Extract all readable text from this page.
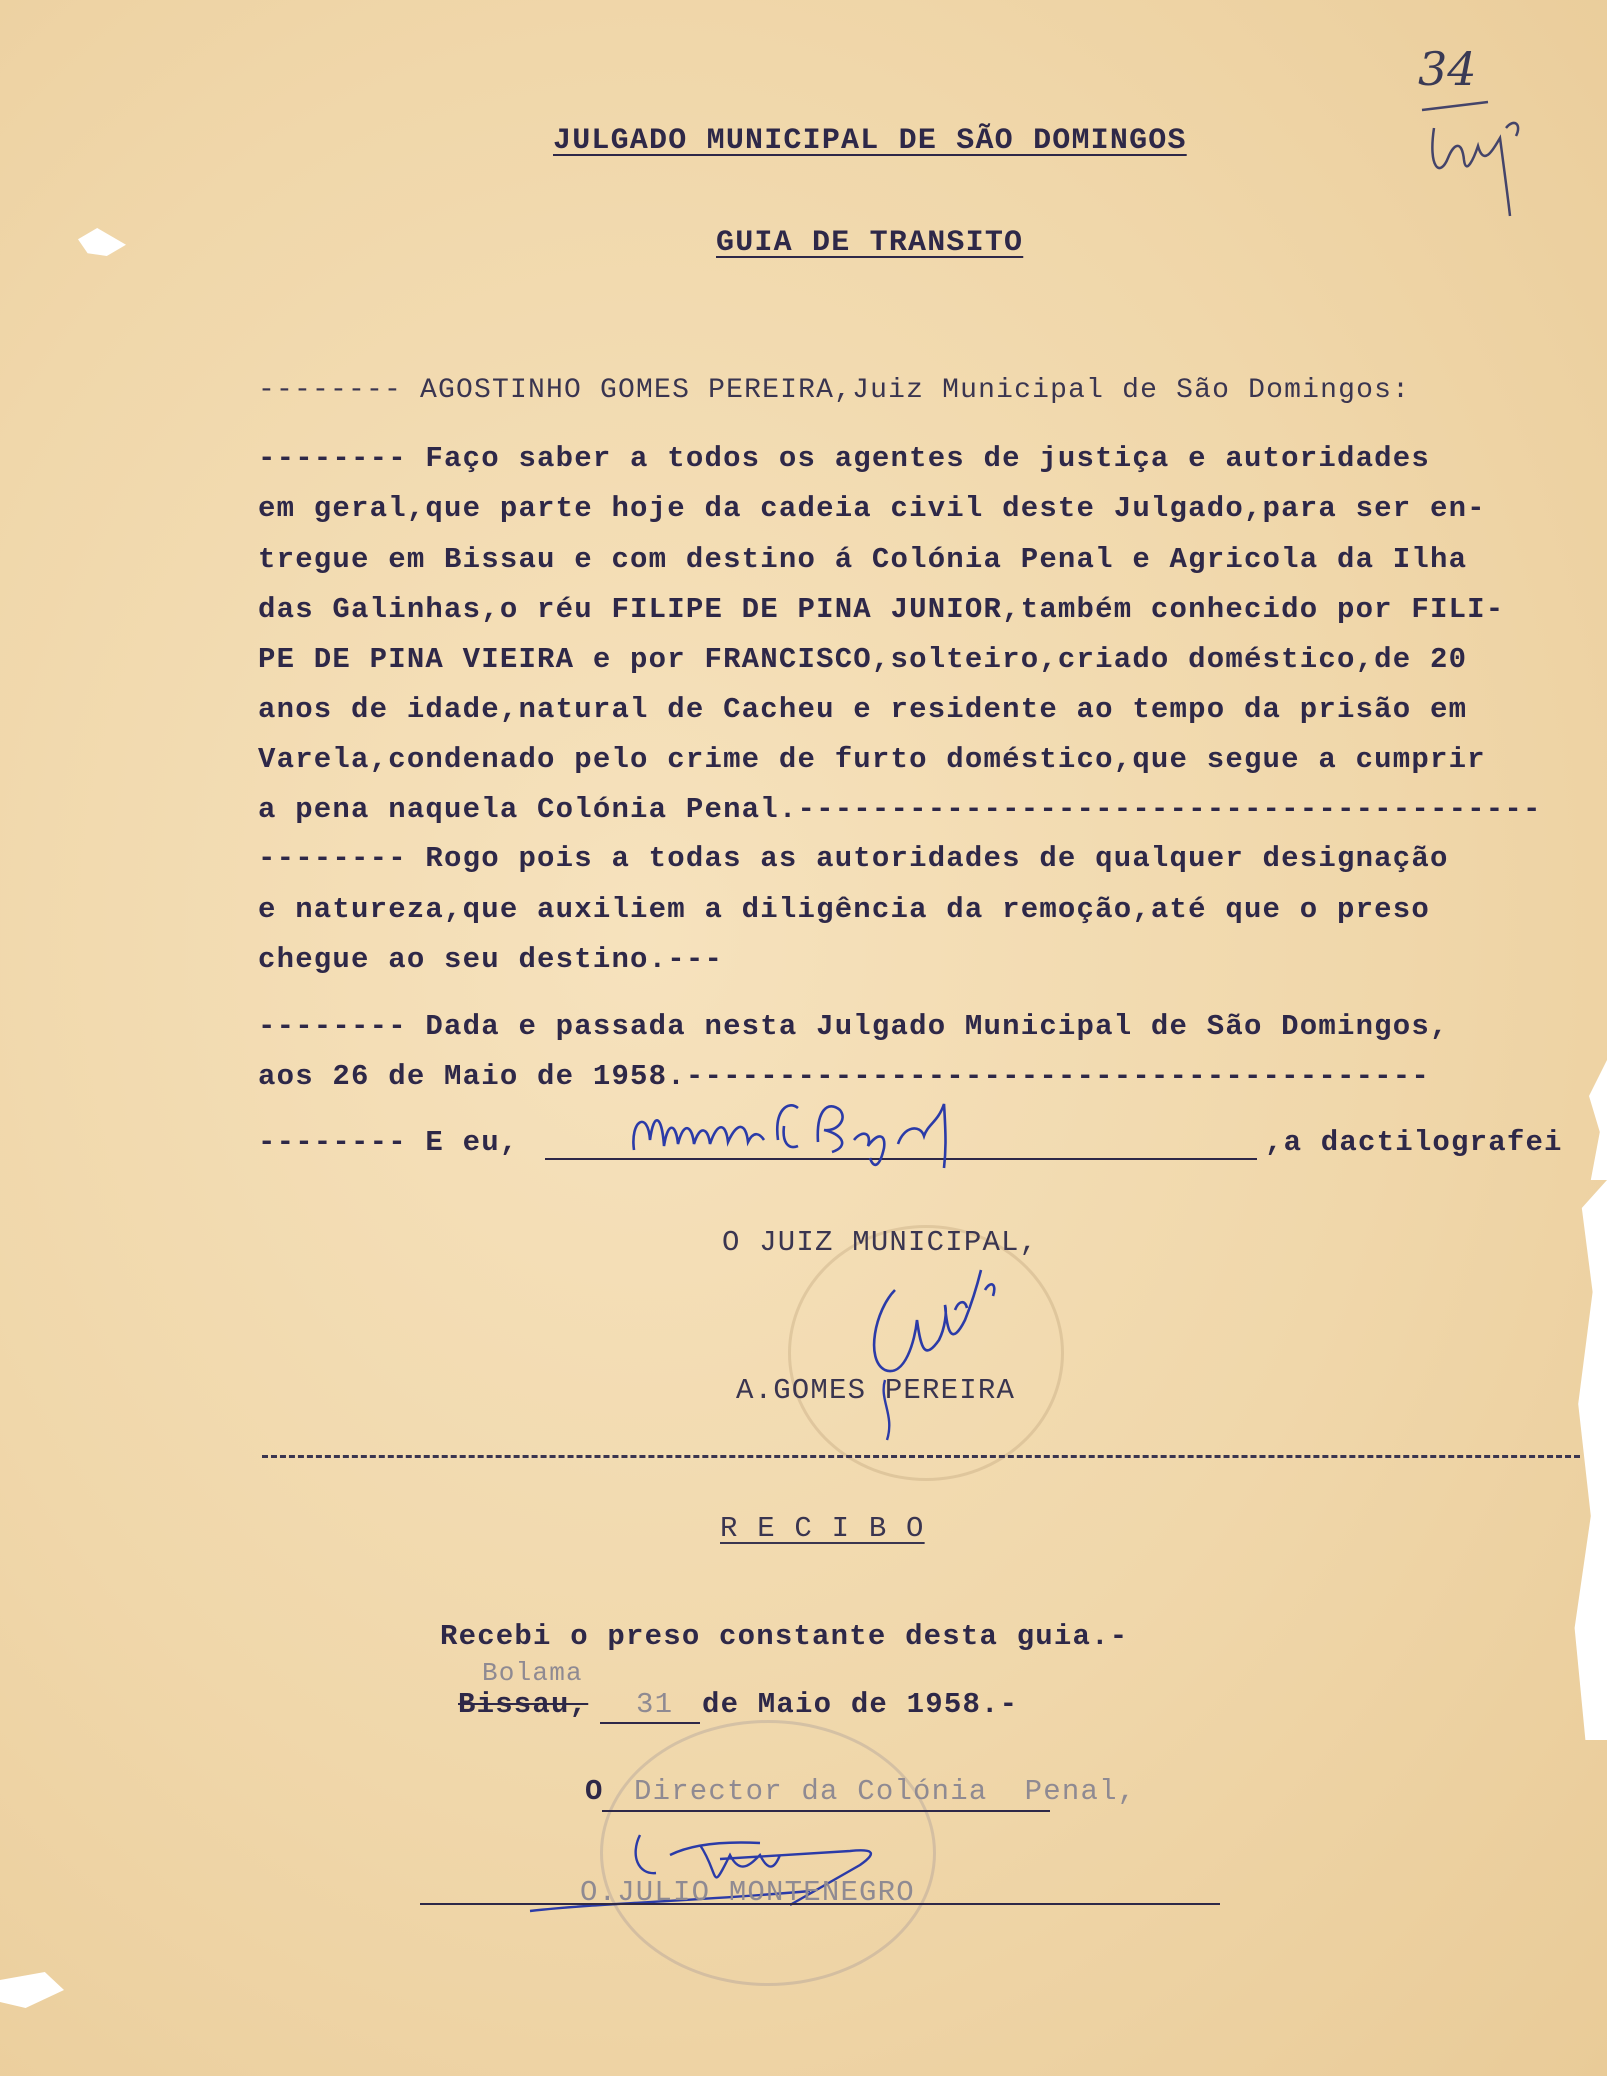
34
JULGADO MUNICIPAL DE SÃO DOMINGOS
GUIA DE TRANSITO
-------- AGOSTINHO GOMES PEREIRA,Juiz Municipal de São Domingos:
-------- Faço saber a todos os agentes de justiça e autoridades
em geral,que parte hoje da cadeia civil deste Julgado,para ser en-
tregue em Bissau e com destino á Colónia Penal e Agricola da Ilha
das Galinhas,o réu FILIPE DE PINA JUNIOR,também conhecido por FILI-
PE DE PINA VIEIRA e por FRANCISCO,solteiro,criado doméstico,de 20
anos de idade,natural de Cacheu e residente ao tempo da prisão em
Varela,condenado pelo crime de furto doméstico,que segue a cumprir
a pena naquela Colónia Penal.----------------------------------------
-------- Rogo pois a todas as autoridades de qualquer designação
e natureza,que auxiliem a diligência da remoção,até que o preso
chegue ao seu destino.---
-------- Dada e passada nesta Julgado Municipal de São Domingos,
aos 26 de Maio de 1958.----------------------------------------
-------- E eu,	,a dactilografei
O JUIZ MUNICIPAL,
A.GOMES PEREIRA
R E C I B O
Recebi o preso constante desta guia.-
Bolama
Bissau, 31 de Maio de 1958.-
O Director da Colónia  Penal,
O.JULIO MONTENEGRO
